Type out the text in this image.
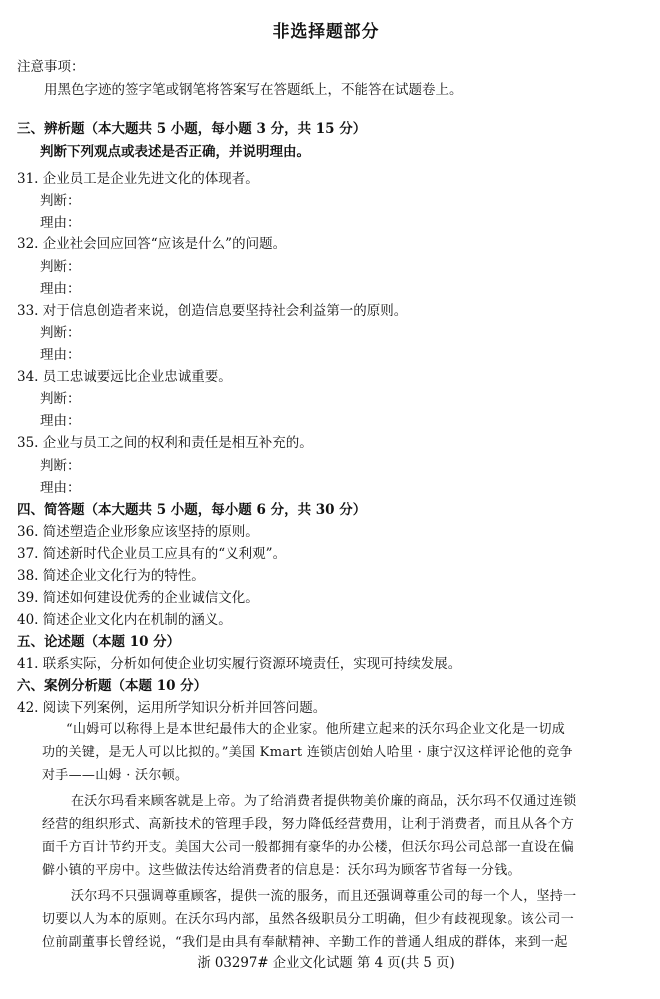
非选择题部分
注意事项：
用黑色字迹的签字笔或钢笔将答案写在答题纸上，不能答在试题卷上。
三、辨析题（本大题共 5 小题，每小题 3 分，共 15 分）
判断下列观点或表述是否正确，并说明理由。
31. 企业员工是企业先进文化的体现者。
判断：
理由：
32. 企业社会回应回答“应该是什么”的问题。
判断：
理由：
33. 对于信息创造者来说，创造信息要坚持社会利益第一的原则。
判断：
理由：
34. 员工忠诚要远比企业忠诚重要。
判断：
理由：
35. 企业与员工之间的权利和责任是相互补充的。
判断：
理由：
四、简答题（本大题共 5 小题，每小题 6 分，共 30 分）
36. 简述塑造企业形象应该坚持的原则。
37. 简述新时代企业员工应具有的“义利观”。
38. 简述企业文化行为的特性。
39. 简述如何建设优秀的企业诚信文化。
40. 简述企业文化内在机制的涵义。
五、论述题（本题 10 分）
41. 联系实际，分析如何使企业切实履行资源环境责任，实现可持续发展。
六、案例分析题（本题 10 分）
42. 阅读下列案例，运用所学知识分析并回答问题。
“山姆可以称得上是本世纪最伟大的企业家。他所建立起来的沃尔玛企业文化是一切成
功的关键，是无人可以比拟的。”美国 Kmart 连锁店创始人哈里 · 康宁汉这样评论他的竞争
对手——山姆 · 沃尔顿。
在沃尔玛看来顾客就是上帝。为了给消费者提供物美价廉的商品，沃尔玛不仅通过连锁
经营的组织形式、高新技术的管理手段，努力降低经营费用，让利于消费者，而且从各个方
面千方百计节约开支。美国大公司一般都拥有豪华的办公楼，但沃尔玛公司总部一直设在偏
僻小镇的平房中。这些做法传达给消费者的信息是：沃尔玛为顾客节省每一分钱。
沃尔玛不只强调尊重顾客，提供一流的服务，而且还强调尊重公司的每一个人，坚持一
切要以人为本的原则。在沃尔玛内部，虽然各级职员分工明确，但少有歧视现象。该公司一
位前副董事长曾经说，“我们是由具有奉献精神、辛勤工作的普通人组成的群体，来到一起
浙 03297# 企业文化试题 第 4 页(共 5 页)
